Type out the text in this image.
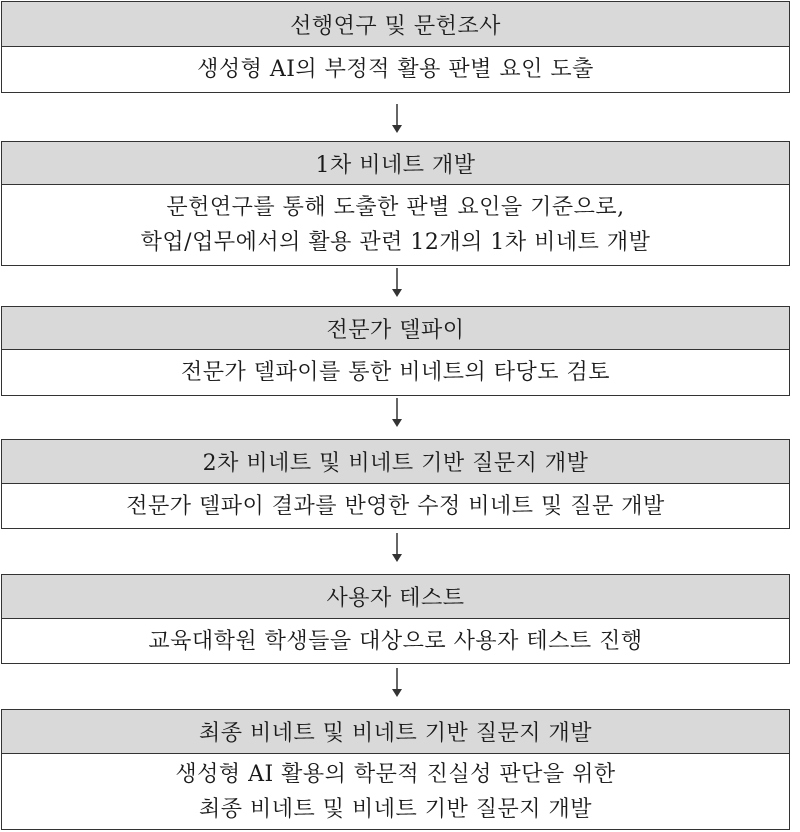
선행연구 및 문헌조사
생성형 AI의 부정적 활용 판별 요인 도출
1차 비네트 개발
문헌연구를 통해 도출한 판별 요인을 기준으로,
학업/업무에서의 활용 관련 12개의 1차 비네트 개발
전문가 델파이
전문가 델파이를 통한 비네트의 타당도 검토
2차 비네트 및 비네트 기반 질문지 개발
전문가 델파이 결과를 반영한 수정 비네트 및 질문 개발
사용자 테스트
교육대학원 학생들을 대상으로 사용자 테스트 진행
최종 비네트 및 비네트 기반 질문지 개발
생성형 AI 활용의 학문적 진실성 판단을 위한
최종 비네트 및 비네트 기반 질문지 개발
